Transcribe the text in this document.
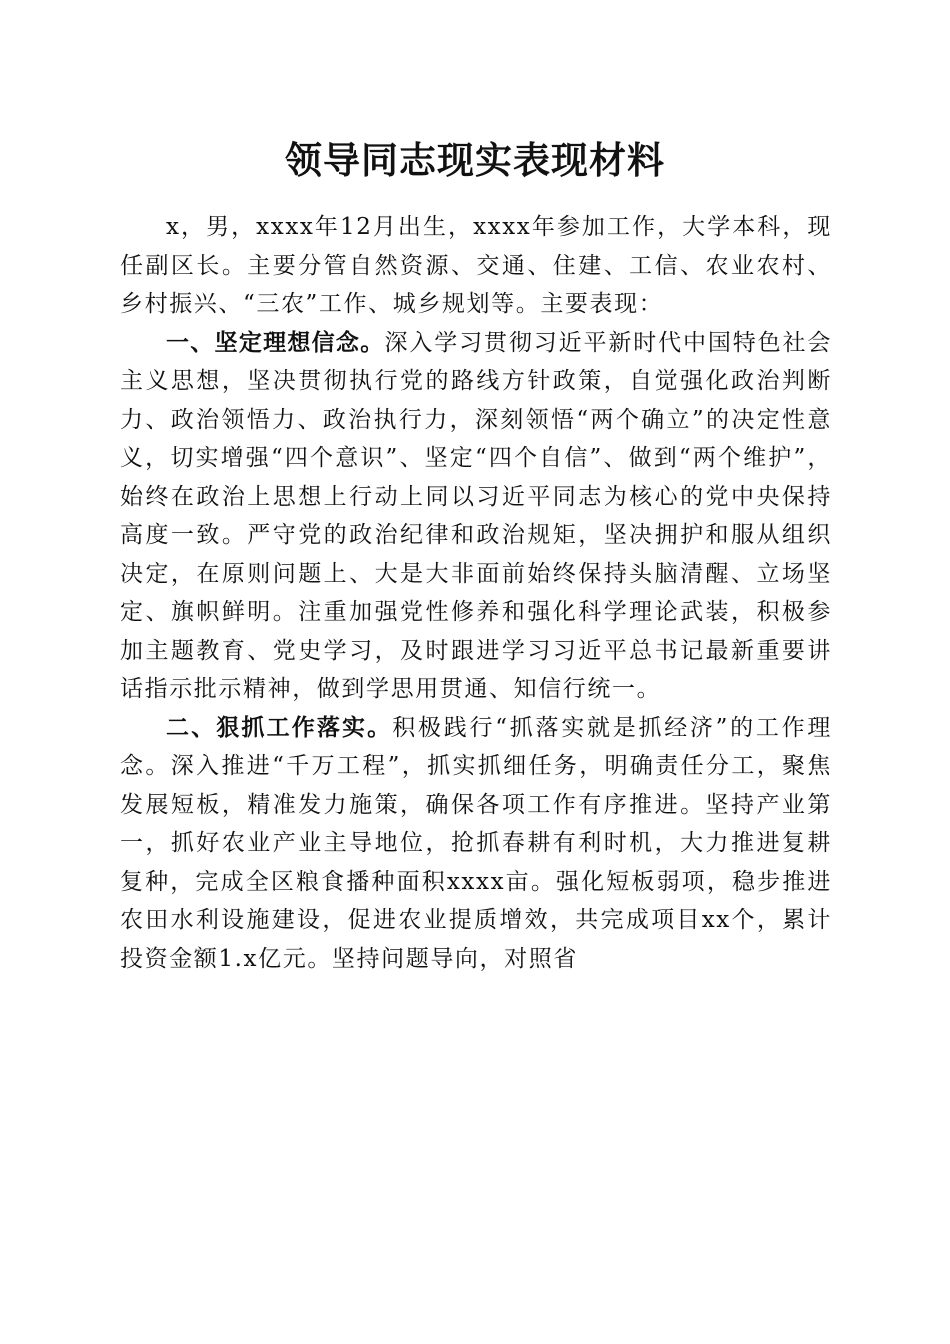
领导同志现实表现材料

x，男，xxxx年12月出生，xxxx年参加工作，大学本科，现任副区长。主要分管自然资源、交通、住建、工信、农业农村、乡村振兴、“三农”工作、城乡规划等。主要表现：

一、坚定理想信念。深入学习贯彻习近平新时代中国特色社会主义思想，坚决贯彻执行党的路线方针政策，自觉强化政治判断力、政治领悟力、政治执行力，深刻领悟“两个确立”的决定性意义，切实增强“四个意识”、坚定“四个自信”、做到“两个维护”，始终在政治上思想上行动上同以习近平同志为核心的党中央保持高度一致。严守党的政治纪律和政治规矩，坚决拥护和服从组织决定，在原则问题上、大是大非面前始终保持头脑清醒、立场坚定、旗帜鲜明。注重加强党性修养和强化科学理论武装，积极参加主题教育、党史学习，及时跟进学习习近平总书记最新重要讲话指示批示精神，做到学思用贯通、知信行统一。

二、狠抓工作落实。积极践行“抓落实就是抓经济”的工作理念。深入推进“千万工程”，抓实抓细任务，明确责任分工，聚焦发展短板，精准发力施策，确保各项工作有序推进。坚持产业第一，抓好农业产业主导地位，抢抓春耕有利时机，大力推进复耕复种，完成全区粮食播种面积xxxx亩。强化短板弱项，稳步推进农田水利设施建设，促进农业提质增效，共完成项目xx个，累计投资金额1.x亿元。坚持问题导向，对照省
